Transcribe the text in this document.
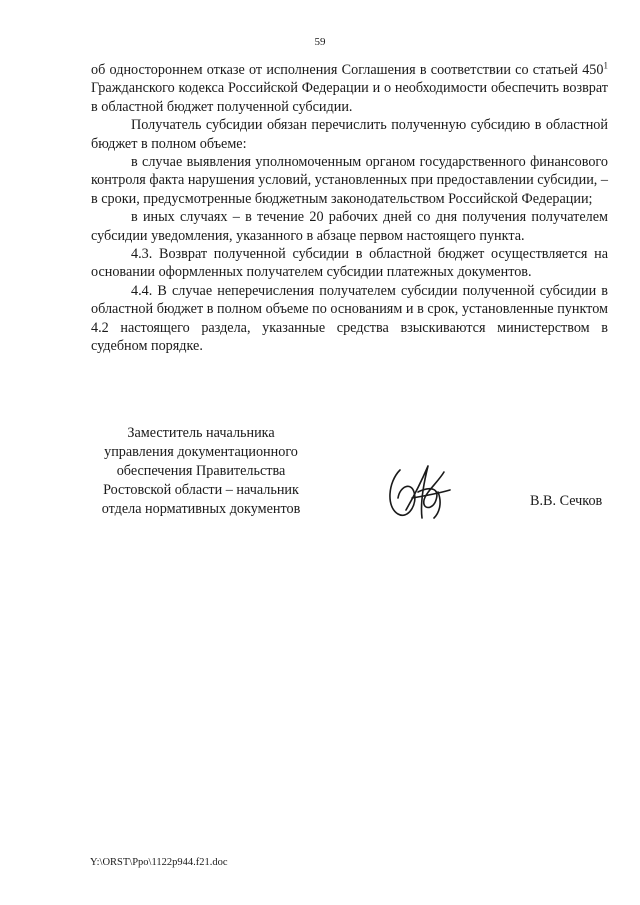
59

об одностороннем отказе от исполнения Соглашения в соответствии со статьей $450^1$ Гражданского кодекса Российской Федерации и о необходимости обеспечить возврат в областной бюджет полученной субсидии.

Получатель субсидии обязан перечислить полученную субсидию в областной бюджет в полном объеме:

в случае выявления уполномоченным органом государственного финансового контроля факта нарушения условий, установленных при предоставлении субсидии, – в сроки, предусмотренные бюджетным законодательством Российской Федерации;

в иных случаях – в течение 20 рабочих дней со дня получения получателем субсидии уведомления, указанного в абзаце первом настоящего пункта.

4.3. Возврат полученной субсидии в областной бюджет осуществляется на основании оформленных получателем субсидии платежных документов.

4.4. В случае неперечисления получателем субсидии полученной субсидии в областной бюджет в полном объеме по основаниям и в срок, установленные пунктом 4.2 настоящего раздела, указанные средства взыскиваются министерством в судебном порядке.

Заместитель начальника
управления документационного
обеспечения Правительства
Ростовской области – начальник
отдела нормативных документов	В.В. Сечков
Y:\ORST\Ppo\1122p944.f21.doc
